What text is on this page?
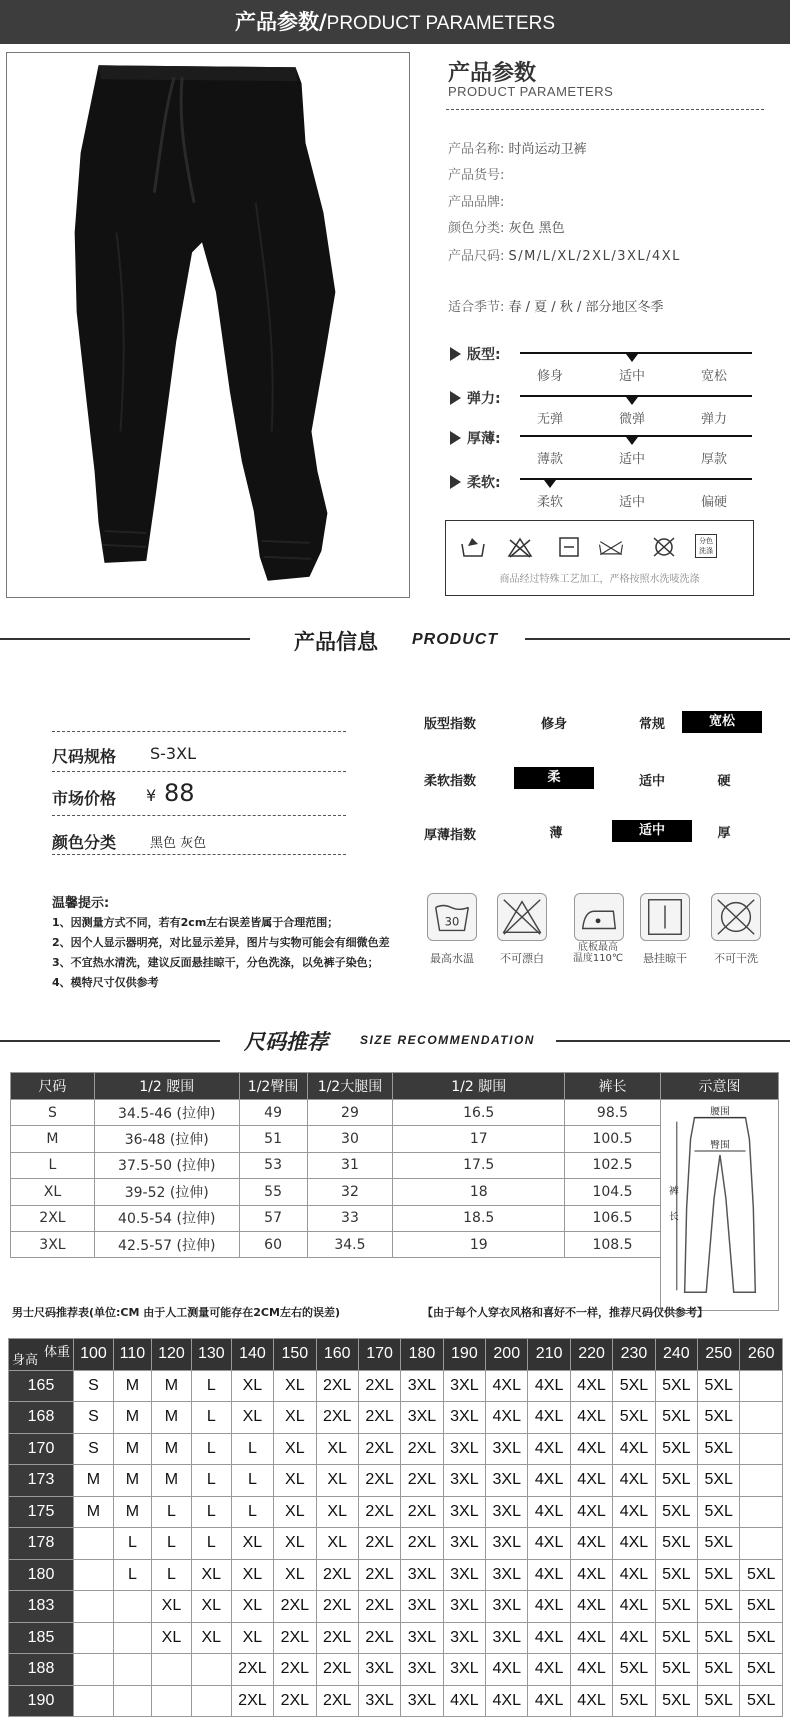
产品参数/PRODUCT PARAMETERS
产品参数
PRODUCT PARAMETERS
产品名称: 时尚运动卫裤
产品货号:
产品品牌:
颜色分类: 灰色 黑色
产品尺码: S/M/L/XL/2XL/3XL/4XL
适合季节: 春 / 夏 / 秋 / 部分地区冬季
版型:
修身	适中	宽松
弹力:
无弹	微弹	弹力
厚薄:
薄款	适中	厚款
柔软:
柔软	适中	偏硬
分色洗涤
商品经过特殊工艺加工，严格按照水洗唛洗涤
产品信息 PRODUCT
尺码规格 S-3XL
市场价格 ¥ 88
颜色分类	黑色 灰色
版型指数	修身	常规	宽松
柔软指数	柔	适中	硬
厚薄指数	薄	适中	厚
温馨提示:
1、因测量方式不同，若有2cm左右误差皆属于合理范围；
2、因个人显示器明亮，对比显示差异，图片与实物可能会有细微色差
3、不宜热水清洗，建议反面悬挂晾干，分色洗涤，以免裤子染色；
4、模特尺寸仅供参考
30
最高水温	不可漂白
底板最高
温度110℃	悬挂晾干	不可干洗
尺码推荐	SIZE RECOMMENDATION
尺码	1/2 腰围	1/2臀围	1/2大腿围	1/2 脚围	裤长	示意图
S	34.5-46 (拉伸)	49	29	16.5	98.5	腰围
臀围
裤
长

M	36-48 (拉伸)	51	30	17	100.5	
L	37.5-50 (拉伸)	53	31	17.5	102.5	
XL	39-52 (拉伸)	55	32	18	104.5	
2XL	40.5-54 (拉伸)	57	33	18.5	106.5	
3XL	42.5-57 (拉伸)	60	34.5	19	108.5	

男士尺码推荐表(单位:CM 由于人工测量可能存在2CM左右的误差)	【由于每个人穿衣风格和喜好不一样，推荐尺码仅供参考】
体重
身高	100	110	120	130	140	150	160	170	180	190	200	210	220	230	240	250	260
165	S	M	M	L	XL	XL	2XL	2XL	3XL	3XL	4XL	4XL	4XL	5XL	5XL	5XL	
168	S	M	M	L	XL	XL	2XL	2XL	3XL	3XL	4XL	4XL	4XL	5XL	5XL	5XL	
170	S	M	M	L	L	XL	XL	2XL	2XL	3XL	3XL	4XL	4XL	4XL	5XL	5XL	
173	M	M	M	L	L	XL	XL	2XL	2XL	3XL	3XL	4XL	4XL	4XL	5XL	5XL	
175	M	M	L	L	L	XL	XL	2XL	2XL	3XL	3XL	4XL	4XL	4XL	5XL	5XL	
178		L	L	L	XL	XL	XL	2XL	2XL	3XL	3XL	4XL	4XL	4XL	5XL	5XL	
180		L	L	XL	XL	XL	2XL	2XL	3XL	3XL	3XL	4XL	4XL	4XL	5XL	5XL	5XL
183			XL	XL	XL	2XL	2XL	2XL	3XL	3XL	3XL	4XL	4XL	4XL	5XL	5XL	5XL
185			XL	XL	XL	2XL	2XL	2XL	3XL	3XL	3XL	4XL	4XL	4XL	5XL	5XL	5XL
188					2XL	2XL	2XL	3XL	3XL	3XL	4XL	4XL	4XL	5XL	5XL	5XL	5XL
190					2XL	2XL	2XL	3XL	3XL	4XL	4XL	4XL	4XL	5XL	5XL	5XL	5XL
